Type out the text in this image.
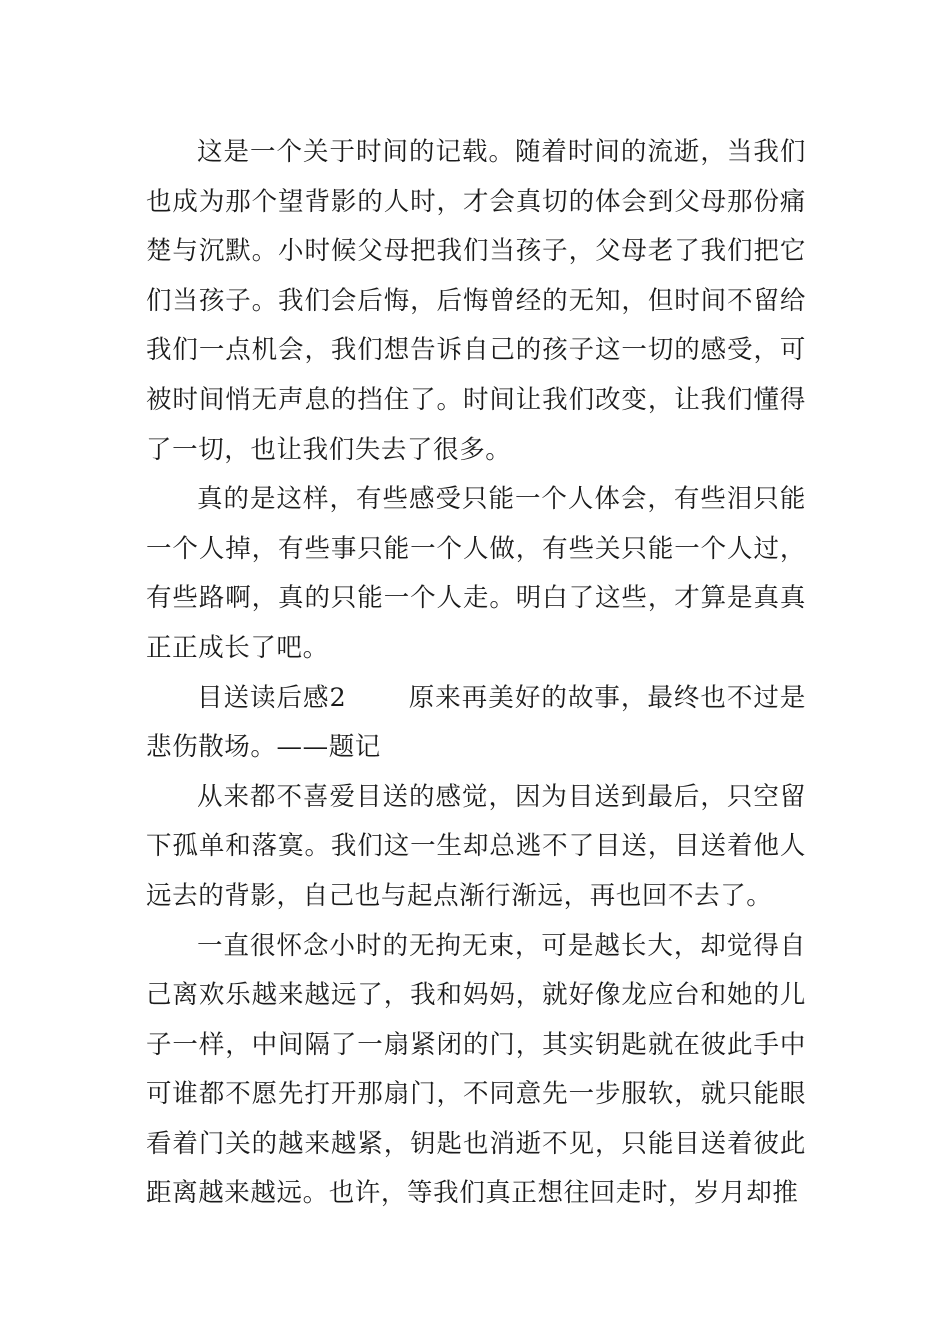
这是一个关于时间的记载。随着时间的流逝，当我们也成为那个望背影的人时，才会真切的体会到父母那份痛楚与沉默。小时候父母把我们当孩子，父母老了我们把它们当孩子。我们会后悔，后悔曾经的无知，但时间不留给我们一点机会，我们想告诉自己的孩子这一切的感受，可被时间悄无声息的挡住了。时间让我们改变，让我们懂得了一切，也让我们失去了很多。

真的是这样，有些感受只能一个人体会，有些泪只能一个人掉，有些事只能一个人做，有些关只能一个人过，有些路啊，真的只能一个人走。明白了这些，才算是真真正正成长了吧。

目送读后感2 原来再美好的故事，最终也不过是悲伤散场。——题记

从来都不喜爱目送的感觉，因为目送到最后，只空留下孤单和落寞。我们这一生却总逃不了目送，目送着他人远去的背影，自己也与起点渐行渐远，再也回不去了。

一直很怀念小时的无拘无束，可是越长大，却觉得自己离欢乐越来越远了，我和妈妈，就好像龙应台和她的儿子一样，中间隔了一扇紧闭的门，其实钥匙就在彼此手中可谁都不愿先打开那扇门，不同意先一步服软，就只能眼看着门关的越来越紧，钥匙也消逝不见，只能目送着彼此距离越来越远。也许，等我们真正想往回走时，岁月却推
